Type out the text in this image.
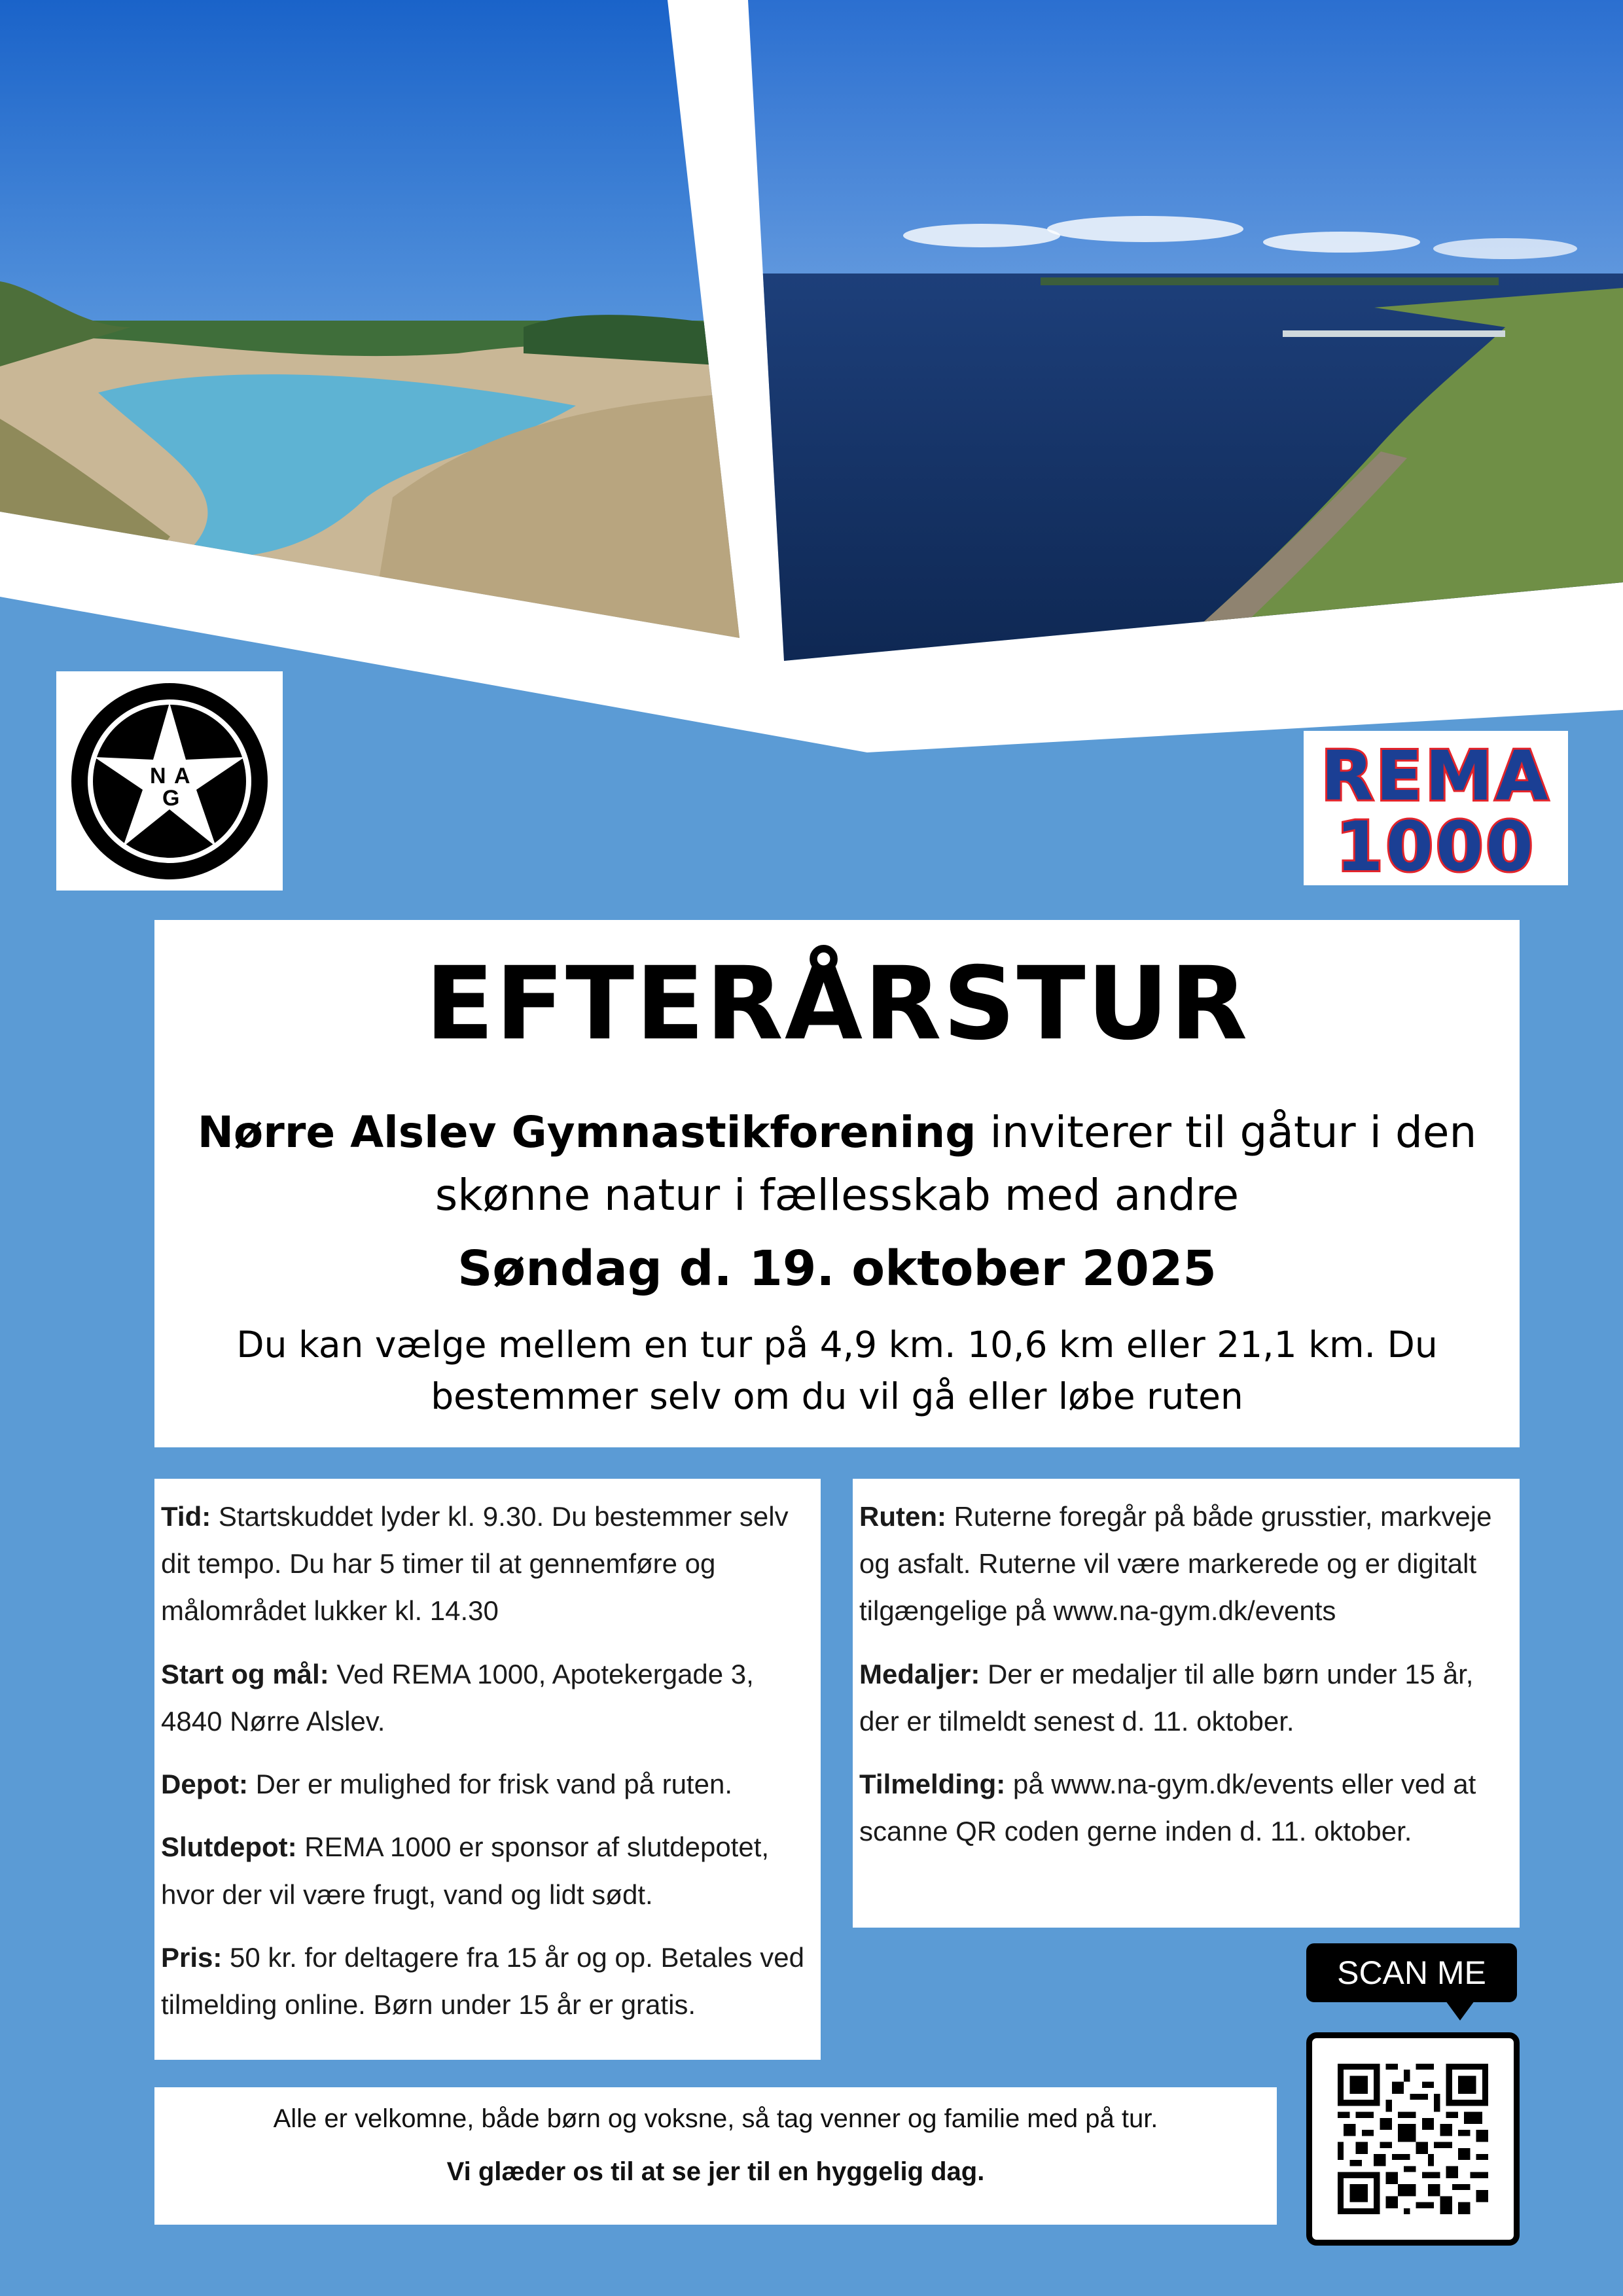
N A
G	REMA
1000
EFTERÅRSTUR

Nørre Alslev Gymnastikforening inviterer til gåtur i den skønne natur i fællesskab med andre

Søndag d. 19. oktober 2025

Du kan vælge mellem en tur på 4,9 km. 10,6 km eller 21,1 km. Du bestemmer selv om du vil gå eller løbe ruten

Tid: Startskuddet lyder kl. 9.30. Du bestemmer selv dit tempo. Du har 5 timer til at gennemføre og målområdet lukker kl. 14.30

Start og mål: Ved REMA 1000, Apotekergade 3, 4840 Nørre Alslev.

Depot: Der er mulighed for frisk vand på ruten.

Slutdepot: REMA 1000 er sponsor af slutdepotet, hvor der vil være frugt, vand og lidt sødt.

Pris: 50 kr. for deltagere fra 15 år og op. Betales ved tilmelding online. Børn under 15 år er gratis.

Ruten: Ruterne foregår på både grusstier, markveje og asfalt. Ruterne vil være markerede og er digitalt tilgængelige på www.na-gym.dk/events

Medaljer: Der er medaljer til alle børn under 15 år, der er tilmeldt senest d. 11. oktober.

Tilmelding: på www.na-gym.dk/events eller ved at scanne QR coden gerne inden d. 11. oktober.

Alle er velkomne, både børn og voksne, så tag venner og familie med på tur.

Vi glæder os til at se jer til en hyggelig dag.

SCAN ME
